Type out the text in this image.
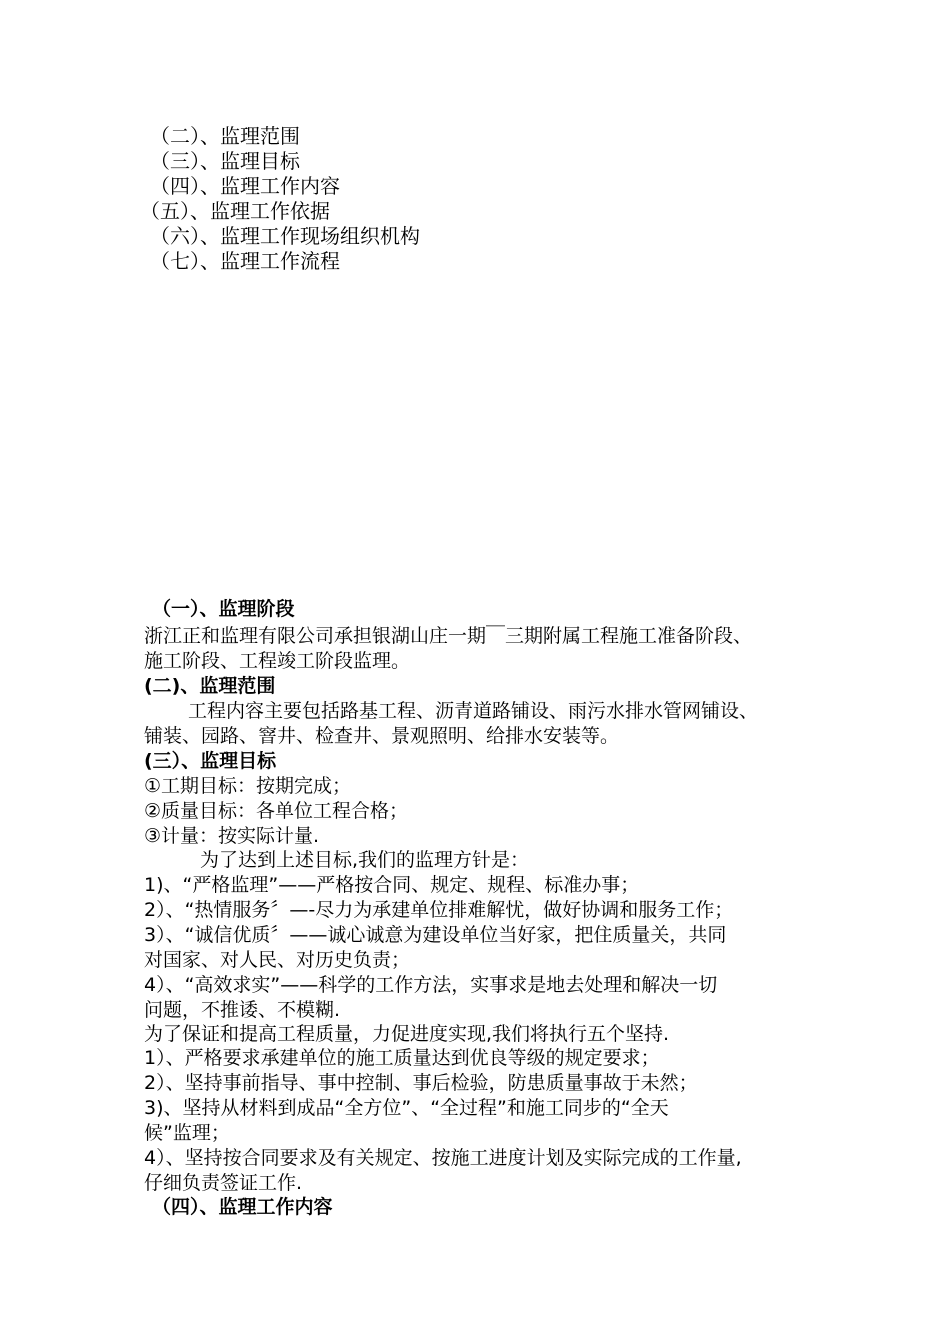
（二）、监理范围
（三）、监理目标
（四）、监理工作内容
（五）、监理工作依据
（六）、监理工作现场组织机构
（七）、监理工作流程
（一）、监理阶段
浙江正和监理有限公司承担银湖山庄一期￣三期附属工程施工准备阶段、
施工阶段、工程竣工阶段监理。
(二)、监理范围
工程内容主要包括路基工程、沥青道路铺设、雨污水排水管网铺设、
铺装、园路、窨井、检查井、景观照明、给排水安装等。
(三）、监理目标
①工期目标：按期完成；
②质量目标：各单位工程合格；
③计量：按实际计量.
为了达到上述目标,我们的监理方针是：
1)、“严格监理”——严格按合同、规定、规程、标准办事；
2）、“热情服务〞—-尽力为承建单位排难解忧，做好协调和服务工作；
3）、“诚信优质〞——诚心诚意为建设单位当好家，把住质量关，共同
对国家、对人民、对历史负责；
4）、“高效求实”——科学的工作方法，实事求是地去处理和解决一切
问题，不推诿、不模糊.
为了保证和提高工程质量，力促进度实现,我们将执行五个坚持.
1）、严格要求承建单位的施工质量达到优良等级的规定要求；
2）、坚持事前指导、事中控制、事后检验，防患质量事故于未然；
3)、坚持从材料到成品“全方位”、“全过程”和施工同步的“全天
候”监理；
4）、坚持按合同要求及有关规定、按施工进度计划及实际完成的工作量,
仔细负责签证工作.
（四）、监理工作内容
